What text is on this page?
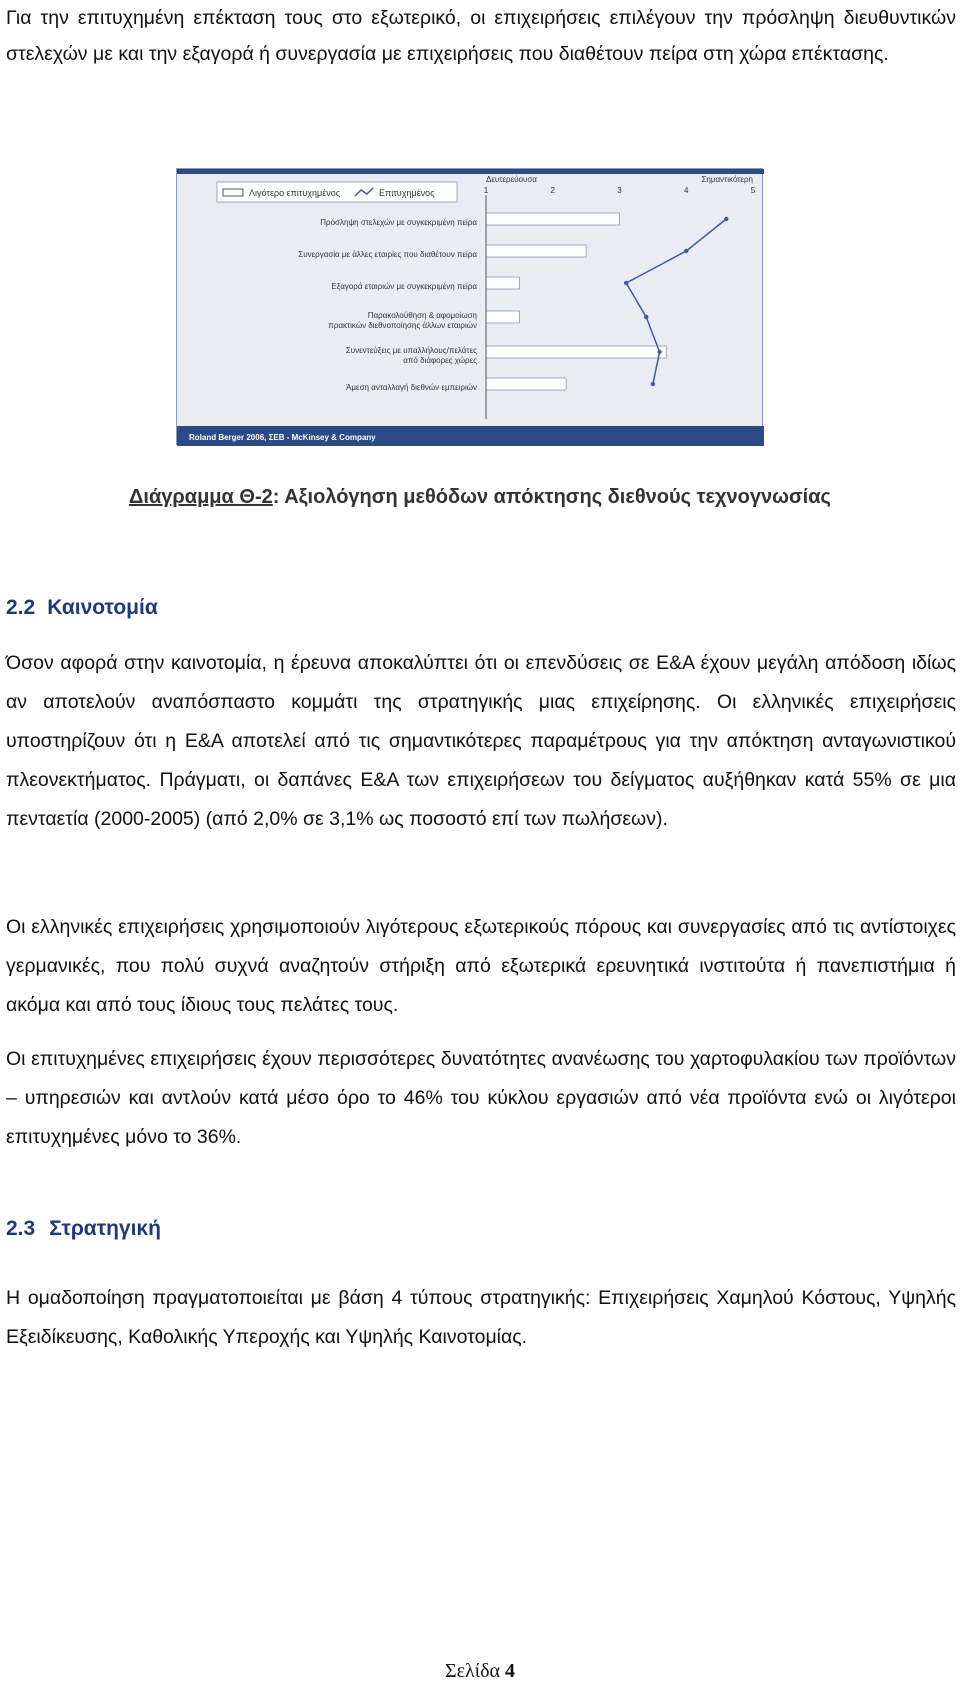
Για την επιτυχημένη επέκταση τους στο εξωτερικό, οι επιχειρήσεις επιλέγουν την πρόσληψη διευθυντικών στελεχών με και την εξαγορά ή συνεργασία με επιχειρήσεις που διαθέτουν πείρα στη χώρα επέκτασης.

Λιγότερο επιτυχημένος	Επιτυχημένος
Δευτερεύουσα	Σημαντικότερη
1	2	3	4	5
Πρόσληψη στελεχών με συγκεκριμένη πείρα
Συνεργασία με άλλες εταιρίες που διαθέτουν πείρα
Εξαγορά εταιριών με συγκεκριμένη πείρα
Παρακολούθηση & αφομοίωση
πρακτικών διεθνοποίησης άλλων εταιριών
Συνεντεύξεις με υπαλλήλους/πελάτες
από διάφορες χώρες
Άμεση ανταλλαγή διεθνών εμπειριών
Roland Berger 2006, ΣΕΒ - McKinsey & Company

Διάγραμμα Θ-2: Αξιολόγηση μεθόδων απόκτησης διεθνούς τεχνογνωσίας

2.2 Καινοτομία

Όσον αφορά στην καινοτομία, η έρευνα αποκαλύπτει ότι οι επενδύσεις σε Ε&Α έχουν μεγάλη απόδοση ιδίως αν αποτελούν αναπόσπαστο κομμάτι της στρατηγικής μιας επιχείρησης. Οι ελληνικές επιχειρήσεις υποστηρίζουν ότι η Ε&Α αποτελεί από τις σημαντικότερες παραμέτρους για την απόκτηση ανταγωνιστικού πλεονεκτήματος. Πράγματι, οι δαπάνες Ε&Α των επιχειρήσεων του δείγματος αυξήθηκαν κατά 55% σε μια πενταετία (2000-2005) (από 2,0% σε 3,1% ως ποσοστό επί των πωλήσεων).

Οι ελληνικές επιχειρήσεις χρησιμοποιούν λιγότερους εξωτερικούς πόρους και συνεργασίες από τις αντίστοιχες γερμανικές, που πολύ συχνά αναζητούν στήριξη από εξωτερικά ερευνητικά ινστιτούτα ή πανεπιστήμια ή ακόμα και από τους ίδιους τους πελάτες τους.

Οι επιτυχημένες επιχειρήσεις έχουν περισσότερες δυνατότητες ανανέωσης του χαρτοφυλακίου των προϊόντων – υπηρεσιών και αντλούν κατά μέσο όρο το 46% του κύκλου εργασιών από νέα προϊόντα ενώ οι λιγότεροι επιτυχημένες μόνο το 36%.

2.3 Στρατηγική

Η ομαδοποίηση πραγματοποιείται με βάση 4 τύπους στρατηγικής: Επιχειρήσεις Χαμηλού Κόστους, Υψηλής Εξειδίκευσης, Καθολικής Υπεροχής και Υψηλής Καινοτομίας.

Σελίδα 4
